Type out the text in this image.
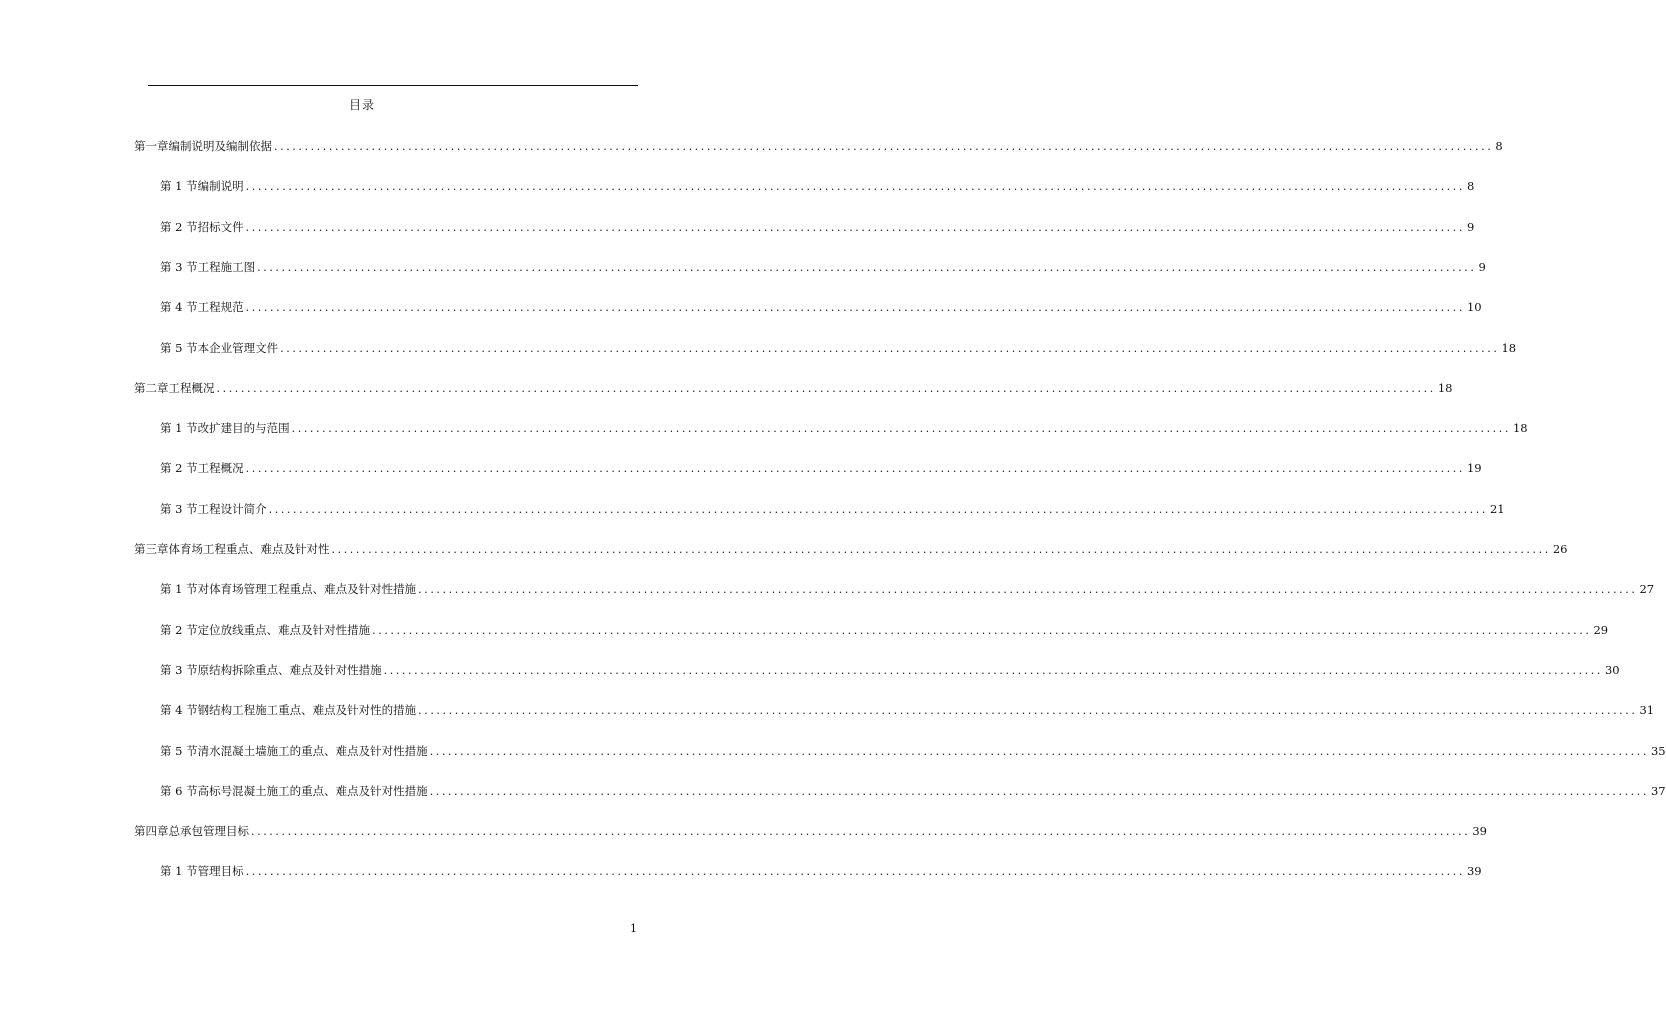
目录
第一章 编制说明及编制依据 ........................................................................................................................................................................................................ 8
第 1 节 编制说明 ........................................................................................................................................................................................................ 8
第 2 节 招标文件 ........................................................................................................................................................................................................ 9
第 3 节 工程施工图 ........................................................................................................................................................................................................ 9
第 4 节 工程规范 ........................................................................................................................................................................................................ 10
第 5 节 本企业管理文件 ........................................................................................................................................................................................................ 18
第二章 工程概况 ........................................................................................................................................................................................................ 18
第 1 节 改扩建目的与范围 ........................................................................................................................................................................................................ 18
第 2 节 工程概况 ........................................................................................................................................................................................................ 19
第 3 节 工程设计简介 ........................................................................................................................................................................................................ 21
第三章 体育场工程重点、难点及针对性 ........................................................................................................................................................................................................ 26
第 1 节 对体育场管理工程重点、难点及针对性措施 ........................................................................................................................................................................................................ 27
第 2 节 定位放线重点、难点及针对性措施 ........................................................................................................................................................................................................ 29
第 3 节 原结构拆除重点、难点及针对性措施 ........................................................................................................................................................................................................ 30
第 4 节 钢结构工程施工重点、难点及针对性的措施 ........................................................................................................................................................................................................ 31
第 5 节 清水混凝土墙施工的重点、难点及针对性措施 ........................................................................................................................................................................................................ 35
第 6 节 高标号混凝土施工的重点、难点及针对性措施 ........................................................................................................................................................................................................ 37
第四章 总承包管理目标 ........................................................................................................................................................................................................ 39
第 1 节 管理目标 ........................................................................................................................................................................................................ 39
1
